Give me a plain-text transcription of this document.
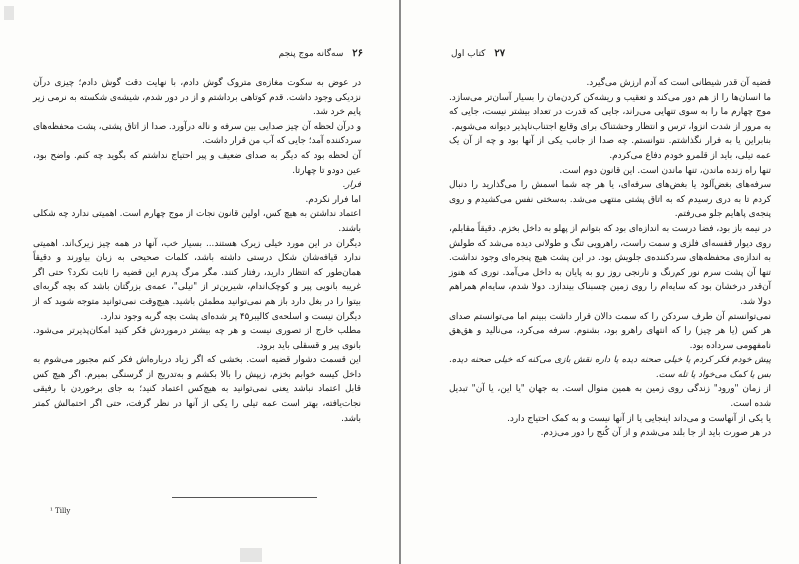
۲۶ سه‌گانه موج پنجم

در عوض به سکوت مغازه‌ی متروک گوش دادم، با نهایت دقت گوش دادم؛ چیزی درآن نزدیکی وجود داشت. قدم کوتاهی برداشتم و از در دور شدم، شیشه‌ی شکسته به نرمی زیر پایم خرد شد.

و درآن لحظه آن چیز صدایی بین سرفه و ناله درآورد. صدا از اتاق پشتی، پشت محفظه‌های سردکننده آمد؛ جایی که آب من قرار داشت.

آن لحظه بود که دیگر به صدای ضعیف و پیر احتیاج نداشتم که بگوید چه کنم. واضح بود، عین دودو تا چهارتا.

فرار.

اما فرار نکردم.

اعتماد نداشتن به هیچ کس، اولین قانون نجات از موج چهارم است. اهمیتی ندارد چه شکلی باشند.

دیگران در این مورد خیلی زیرک هستند... بسیار خب، آنها در همه چیز زیرک‌اند. اهمیتی ندارد قیافه‌شان شکل درستی داشته باشد، کلمات صحیحی به زبان بیاورند و دقیقاً همان‌طور که انتظار دارید، رفتار کنند. مگر مرگ پدرم این قضیه را ثابت نکرد؟ حتی اگر غریبه بانویی پیر و کوچک‌اندام، شیرین‌تر از "تیلی"، عمه‌ی بزرگتان باشد که بچه گربه‌ای بیتوا را در بغل دارد باز هم نمی‌توانید مطمئن باشید. هیچ‌وقت نمی‌توانید متوجه شوید که از دیگران نیست و اسلحه‌ی کالیبر۴۵ پر شده‌ای پشت بچه گربه وجود ندارد.

مطلب خارج از تصوری نیست و هر چه بیشتر درموردش فکر کنید امکان‌پذیرتر می‌شود. بانوی پیر و قسقلی باید برود.

این قسمت دشوار قضیه است. بخشی که اگر زیاد درباره‌اش فکر کنم مجبور می‌شوم به داخل کیسه خوابم بخزم، زیپش را بالا بکشم و به‌تدریج از گرسنگی بمیرم. اگر هیچ کس قابل اعتماد نباشد یعنی نمی‌توانید به هیچ‌کس اعتماد کنید؛ به جای برخوردن با رفیقی نجات‌یافته، بهتر است عمه تیلی را یکی از آنها در نظر گرفت، حتی اگر احتمالش کمتر باشد.

¹ Tilly
۲۷ کتاب اول

قضیه آن قدر شیطانی است که آدم ارزش می‌گیرد.

ما انسان‌ها را از هم دور می‌کند و تعقیب و ریشه‌کن کردن‌مان را بسیار آسان‌تر می‌سازد. موج چهارم ما را به سوی تنهایی می‌راند، جایی که قدرت در تعداد بیشتر نیست، جایی که به مرور از شدت انزوا، ترس و انتظار وحشتناک برای وقایع اجتناب‌ناپذیر دیوانه می‌شویم.

بنابراین یا به فرار نگذاشتم. نتوانستم. چه صدا از جانب یکی از آنها بود و چه از آن یک عمه تیلی، باید از قلمرو خودم دفاع می‌کردم.

تنها راه زنده ماندن، تنها ماندن است. این قانون دوم است.

سرفه‌های بغض‌آلود یا بغض‌های سرفه‌ای، یا هر چه شما اسمش را می‌گذارید را دنبال کردم تا به دری رسیدم که به اتاق پشتی منتهی می‌شد. به‌سختی نفس می‌کشیدم و روی پنجه‌ی پاهایم جلو می‌رفتم.

در نیمه باز بود، فضا درست به اندازه‌ای بود که بتوانم از پهلو به داخل بخزم. دقیقاً مقابلم، روی دیوار قفسه‌ای فلزی و سمت راست، راهرویی تنگ و طولانی دیده می‌شد که طولش به اندازه‌ی محفظه‌های سردکننده‌ی جلویش بود. در این پشت هیچ پنجره‌ای وجود نداشت. تنها آن پشت سرم نور کم‌رنگ و نارنجی روز رو به پایان به داخل می‌آمد. نوری که هنوز آن‌قدر درخشان بود که سایه‌ام را روی زمین چسبناک بیندازد. دولا شدم، سایه‌ام همراهم دولا شد.

نمی‌توانستم آن طرف سردکن را که سمت دالان قرار داشت ببینم اما می‌توانستم صدای هر کس (یا هر چیز) را که انتهای راهرو بود، بشنوم. سرفه می‌کرد، می‌نالید و هق‌هق نامفهومی سرداده بود.

پیش خودم فکر کردم یا خیلی صحنه دیده یا داره نقش بازی می‌کنه که خیلی صحنه دیده. بس یا کمک می‌خواد یا تله ست.

از زمان "ورود" زندگی روی زمین به همین منوال است. به جهان "یا این، یا آن" تبدیل شده است.

یا یکی از آنهاست و می‌داند اینجایی یا از آنها نیست و به کمک احتیاج دارد.

در هر صورت باید از جا بلند می‌شدم و از آن کُنج را دور می‌زدم.
